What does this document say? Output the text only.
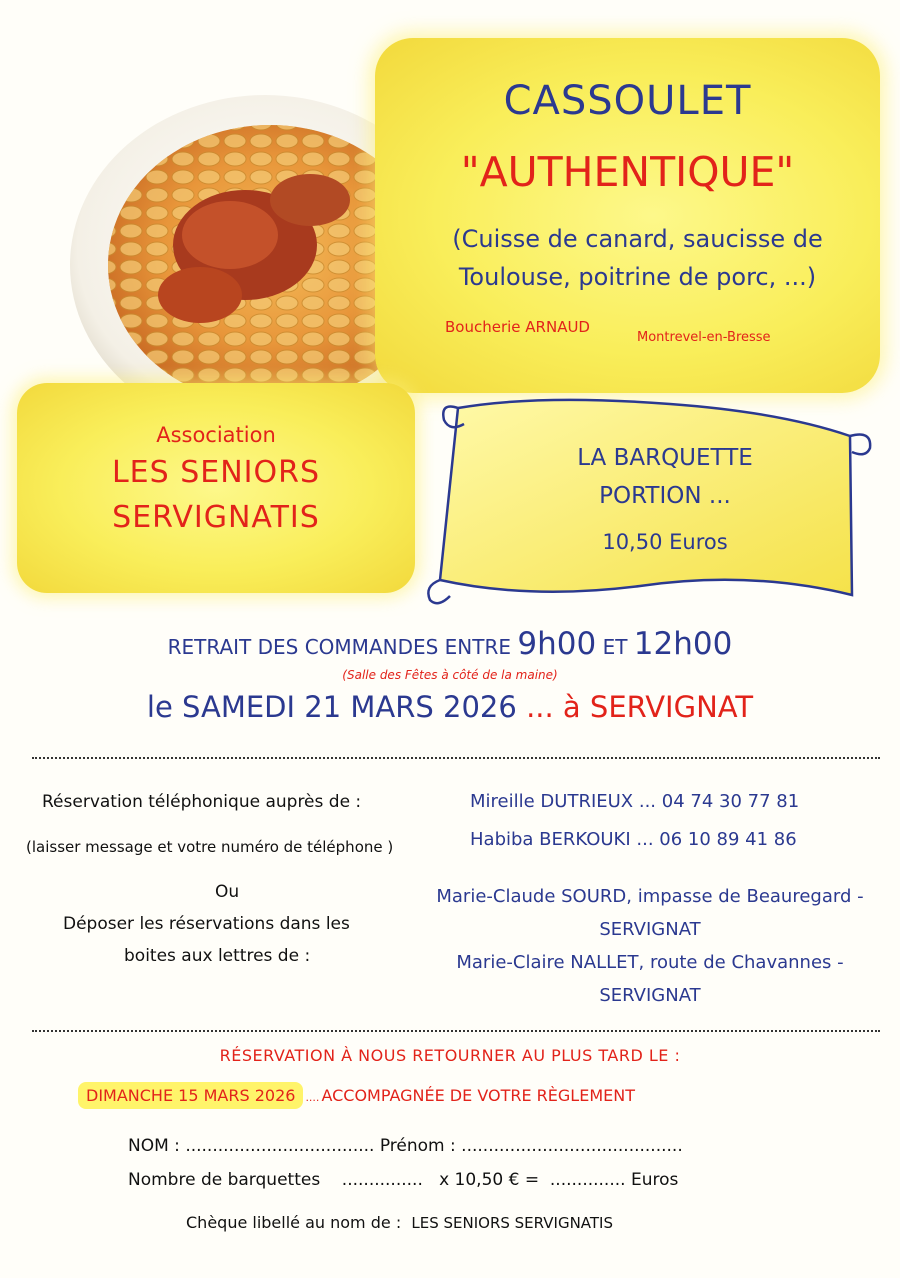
CASSOULET
"AUTHENTIQUE"
(Cuisse de canard, saucisse de Toulouse, poitrine de porc, ...)
Boucherie ARNAUD
Montrevel-en-Bresse
Association
LES SENIORS
SERVIGNATIS
LA BARQUETTE
PORTION ...
10,50 Euros
RETRAIT DES COMMANDES ENTRE 9h00 ET 12h00
(Salle des Fêtes à côté de la maine)
le SAMEDI 21 MARS 2026 ... à SERVIGNAT
Réservation téléphonique auprès de :
(laisser message et votre numéro de téléphone )
Mireille DUTRIEUX ... 04 74 30 77 81
Habiba BERKOUKI ... 06 10 89 41 86
Ou
Déposer les réservations dans les
boites aux lettres de :
Marie-Claude SOURD, impasse de Beauregard - SERVIGNAT
Marie-Claire NALLET, route de Chavannes - SERVIGNAT
RÉSERVATION À NOUS RETOURNER AU PLUS TARD LE :
DIMANCHE 15 MARS 2026 .... ACCOMPAGNÉE DE VOTRE RÈGLEMENT
NOM : ................................... Prénom : .........................................
Nombre de barquettes ............... x 10,50 € = .............. Euros
Chèque libellé au nom de : LES SENIORS SERVIGNATIS
